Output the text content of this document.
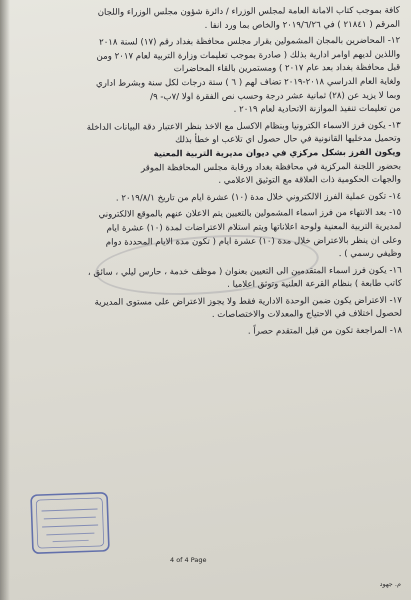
كافة بموجب كتاب الامانة العامة لمجلس الوزراء / دائرة شؤون مجلس الوزراء واللجان

المرقم ( ٢١٨٤١ ) في ٢٠١٩/٦/٢٦ والخاص بما ورد انفا .

١٢- المحاضرين بالمجان المشمولين بقرار مجلس محافظة بغداد رقم (١٧) لسنة ٢٠١٨

واللذين لديهم اوامر ادارية بذلك ( صادرة بموجب تعليمات وزارة التربية لعام ٢٠١٧ ومن

قبل محافظة بغداد بعد عام ٢٠١٧ ) ومستمرين بالقاء المحاضرات

ولغاية العام الدراسي ٢٠١٨-٢٠١٩ تضاف لهم ( ٦ ) ستة درجات لكل سنة وبشرط اداري

وبما لا يزيد عن (٢٨) ثمانية عشر درجة وحسب نص الفقرة اولا /٧ب- ٩/

من تعليمات تنفيذ الموازنة الاتحادية لعام ٢٠١٩ .

١٣- يكون فرز الاسماء الكترونيا وبنظام الاكسل مع الاخذ بنظر الاعتبار دقة البيانات الداخلة

وتحميل مدخليها القانونية في حال حصول اي تلاعب او خطأ بذلك

ويكون الفرز بشكل مركزي في ديوان مديرية التربية المعنية

بحضور اللجنة المركزية في محافظة بغداد ورقابة مجلس المحافظة الموقر

والجهات الحكومية ذات العلاقة مع التوثيق الاعلامي .

١٤- تكون عملية الفرز الالكتروني خلال مدة (١٠) عشرة ايام من تاريخ ٢٠١٩/٨/١ .

١٥- بعد الانتهاء من فرز اسماء المشمولين بالتعيين يتم الاعلان عنهم بالموقع الالكتروني

لمديرية التربية المعنية ولوحة اعلاناتها ويتم استلام الاعتراضات لمدة (١٠) عشرة ايام

وعلى ان ينظر بالاعتراض خلال مدة (١٠) عشرة ايام ( تكون مدة الايام المحددة دوام

وظيفي رسمي ) .

١٦- يكون فرز اسماء المتقدمين الى التعيين بعنوان ( موظف خدمة ، حارس ليلي ، سائق ،

كاتب طابعة ) بنظام القرعة العلنية وتوثق اعلاميا .

١٧- الاعتراض يكون ضمن الوحدة الادارية فقط ولا يجوز الاعتراض على مستوى المديرية

لحصول اختلاف في الاحتياج والمعدلات والاختصاصات .

١٨- المراجعة تكون من قبل المتقدم حصراً .

4 of 4 Page
م. جهود
